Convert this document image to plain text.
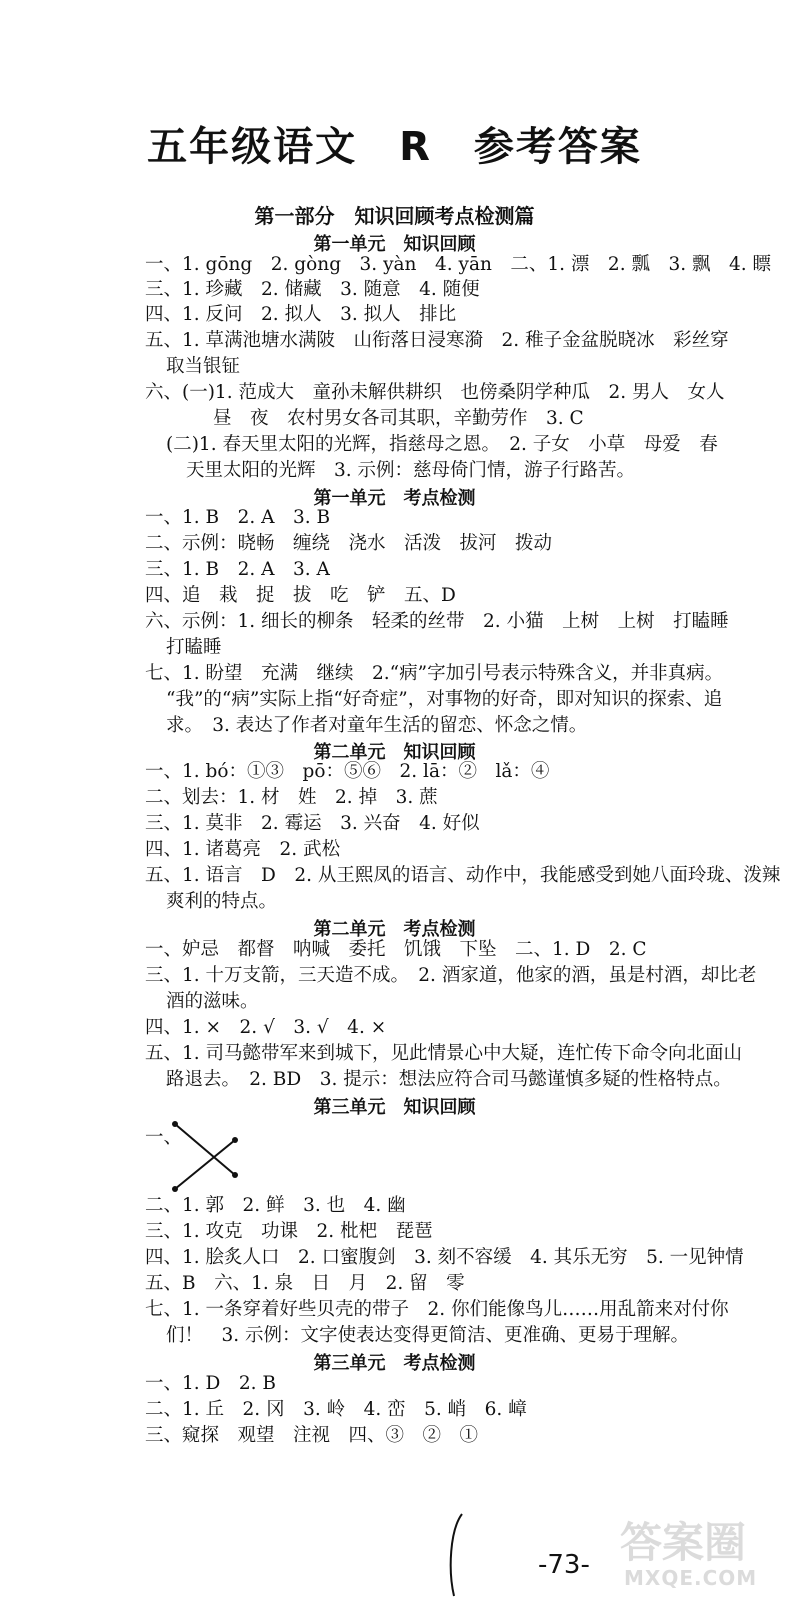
五年级语文　R　参考答案
第一部分　知识回顾考点检测篇
第一单元　知识回顾
一、1. gōng　2. gòng　3. yàn　4. yān　二、1. 漂　2. 瓢　3. 飘　4. 瞟
三、1. 珍藏　2. 储藏　3. 随意　4. 随便
四、1. 反问　2. 拟人　3. 拟人　排比
五、1. 草满池塘水满陂　山衔落日浸寒漪　2. 稚子金盆脱晓冰　彩丝穿
取当银钲
六、(一)1. 范成大　童孙未解供耕织　也傍桑阴学种瓜　2. 男人　女人
昼　夜　农村男女各司其职，辛勤劳作　3. C
(二)1. 春天里太阳的光辉，指慈母之恩。　2. 子女　小草　母爱　春
天里太阳的光辉　3. 示例：慈母倚门情，游子行路苦。
第一单元　考点检测
一、1. B　2. A　3. B
二、示例：晓畅　缠绕　浇水　活泼　拔河　拨动
三、1. B　2. A　3. A
四、追　栽　捉　拔　吃　铲　五、D
六、示例：1. 细长的柳条　轻柔的丝带　2. 小猫　上树　上树　打瞌睡
打瞌睡
七、1. 盼望　充满　继续　2.“病”字加引号表示特殊含义，并非真病。
“我”的“病”实际上指“好奇症”，对事物的好奇，即对知识的探索、追
求。　3. 表达了作者对童年生活的留恋、怀念之情。
第二单元　知识回顾
一、1. bó：①③　pō：⑤⑥　2. lā：②　lǎ：④
二、划去：1. 材　姓　2. 掉　3. 蔗
三、1. 莫非　2. 霉运　3. 兴奋　4. 好似
四、1. 诸葛亮　2. 武松
五、1. 语言　D　2. 从王熙凤的语言、动作中，我能感受到她八面玲珑、泼辣
爽利的特点。
第二单元　考点检测
一、妒忌　都督　呐喊　委托　饥饿　下坠　二、1. D　2. C
三、1. 十万支箭，三天造不成。　2. 酒家道，他家的酒，虽是村酒，却比老
酒的滋味。
四、1. ×　2. √　3. √　4. ×
五、1. 司马懿带军来到城下，见此情景心中大疑，连忙传下命令向北面山
路退去。　2. BD　3. 提示：想法应符合司马懿谨慎多疑的性格特点。
第三单元　知识回顾
一、
二、1. 郭　2. 鲜　3. 也　4. 幽
三、1. 攻克　功课　2. 枇杷　琵琶
四、1. 脍炙人口　2. 口蜜腹剑　3. 刻不容缓　4. 其乐无穷　5. 一见钟情
五、B　六、1. 泉　日　月　2. 留　零
七、1. 一条穿着好些贝壳的带子　2. 你们能像鸟儿……用乱箭来对付你
们！　3. 示例：文字使表达变得更简洁、更准确、更易于理解。
第三单元　考点检测
一、1. D　2. B
二、1. 丘　2. 冈　3. 岭　4. 峦　5. 峭　6. 嶂
三、窥探　观望　注视　四、③　②　①
-73- 答案圈
MXQE.COM
